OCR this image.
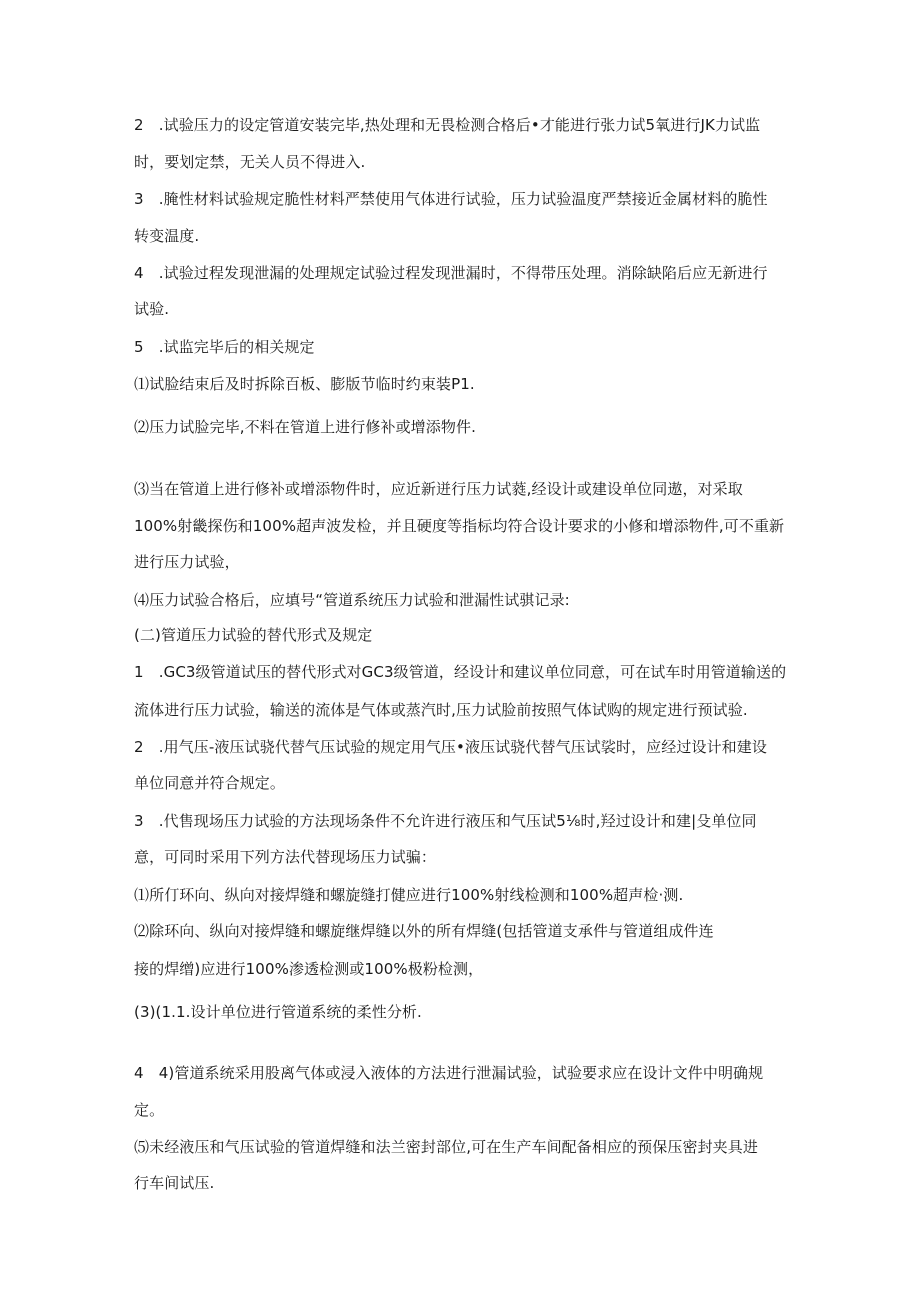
2　.试验压力的设定管道安装完毕,热处理和无畏检测合格后•才能进行张力试5氧进行JK力试监
时，要划定禁，无关人员不得进入.
3　.腌性材料试验规定脆性材料严禁使用气体进行试验，压力试验温度严禁接近金属材料的脆性
转变温度.
4　.试验过程发现泄漏的处理规定试验过程发现泄漏时，不得带压处理。消除缺陷后应无新进行
试验.
5　.试监完毕后的相关规定
⑴试脸结束后及时拆除百板、膨版节临时约束装P1.
⑵压力试脸完毕,不料在管道上进行修补或增添物件.
⑶当在管道上进行修补或增添物件时，应近新迸行压力试蕤,经设计或建设单位同遨，对采取
100%射畿探伤和100%超声波发检，并且硬度等指标均符合设计要求的小修和增添物件,可不重新
进行压力试验，
⑷压力试验合格后，应填号“管道系统压力试验和泄漏性试骐记录:
(二)管道压力试验的替代形式及规定
1　.GC3级管道试压的替代形式对GC3级管道，经设计和建议单位同意，可在试车时用管道输送的
流体进行压力试验，输送的流体是气体或蒸汽时,压力试脸前按照气体试购的规定进行预试验.
2　.用气压-液压试骁代替气压试验的规定用气压•液压试骁代替气压试裟时，应经过设计和建设
单位同意并符合规定。
3　.代售现场压力试验的方法现场条件不允许进行液压和气压试5⅛时,羟过设计和建|殳单位同
意，可同时采用下列方法代替现场压力试骗：
⑴所仃环向、纵向对接焊缝和螺旋缝打健应进行100%射线检测和100%超声检·测.
⑵除环向、纵向对接焊缝和螺旋继焊缝以外的所有焊缝(包括管道支承件与管道组成件连
接的焊缯)应进行100%渗透检测或100%极粉检测，
(3)(1.1.设计单位进行管道系统的柔性分析.
4　4)管道系统采用股离气体或浸入液体的方法进行泄漏试验，试验要求应在设计文件中明确规
定。
⑸未经液压和气压试验的管道焊缝和法兰密封部位,可在生产车间配备相应的预保压密封夹具进
行车间试压.
